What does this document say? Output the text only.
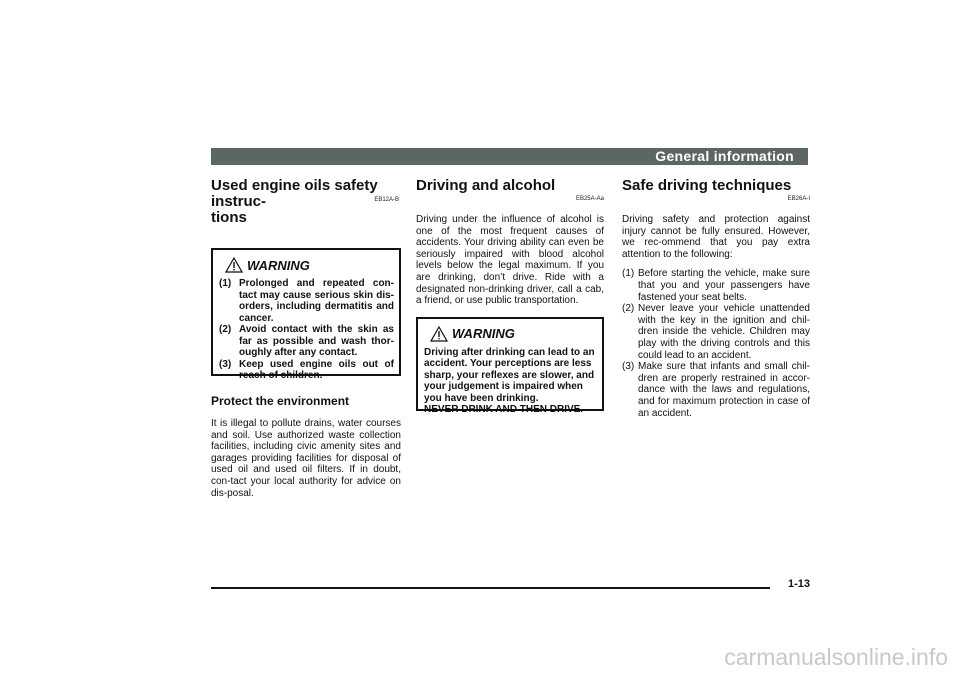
General information
Used engine oils safety instruc-
tions
EB12A-B
WARNING
(1) Prolonged and repeated con-tact may cause serious skin dis-orders, including dermatitis and cancer.
(2) Avoid contact with the skin as far as possible and wash thor-oughly after any contact.
(3) Keep used engine oils out of reach of children.
Protect the environment

It is illegal to pollute drains, water courses and soil. Use authorized waste collection facilities, including civic amenity sites and garages providing facilities for disposal of used oil and used oil filters. If in doubt, con-tact your local authority for advice on dis-posal.

Driving and alcohol
EB25A-Aa

Driving under the influence of alcohol is one of the most frequent causes of accidents. Your driving ability can even be seriously impaired with blood alcohol levels below the legal maximum. If you are drinking, don’t drive. Ride with a designated non-drinking driver, call a cab, a friend, or use public transportation.

WARNING
Driving after drinking can lead to an accident. Your perceptions are less sharp, your reflexes are slower, and your judgement is impaired when you have been drinking.
NEVER DRINK AND THEN DRIVE.
Safe driving techniques
EB26A-I

Driving safety and protection against injury cannot be fully ensured. However, we rec-ommend that you pay extra attention to the following:

(1) Before starting the vehicle, make sure that you and your passengers have fastened your seat belts.
(2) Never leave your vehicle unattended with the key in the ignition and chil-dren inside the vehicle. Children may play with the driving controls and this could lead to an accident.
(3) Make sure that infants and small chil-dren are properly restrained in accor-dance with the laws and regulations, and for maximum protection in case of an accident.
1-13
carmanualsonline.info
